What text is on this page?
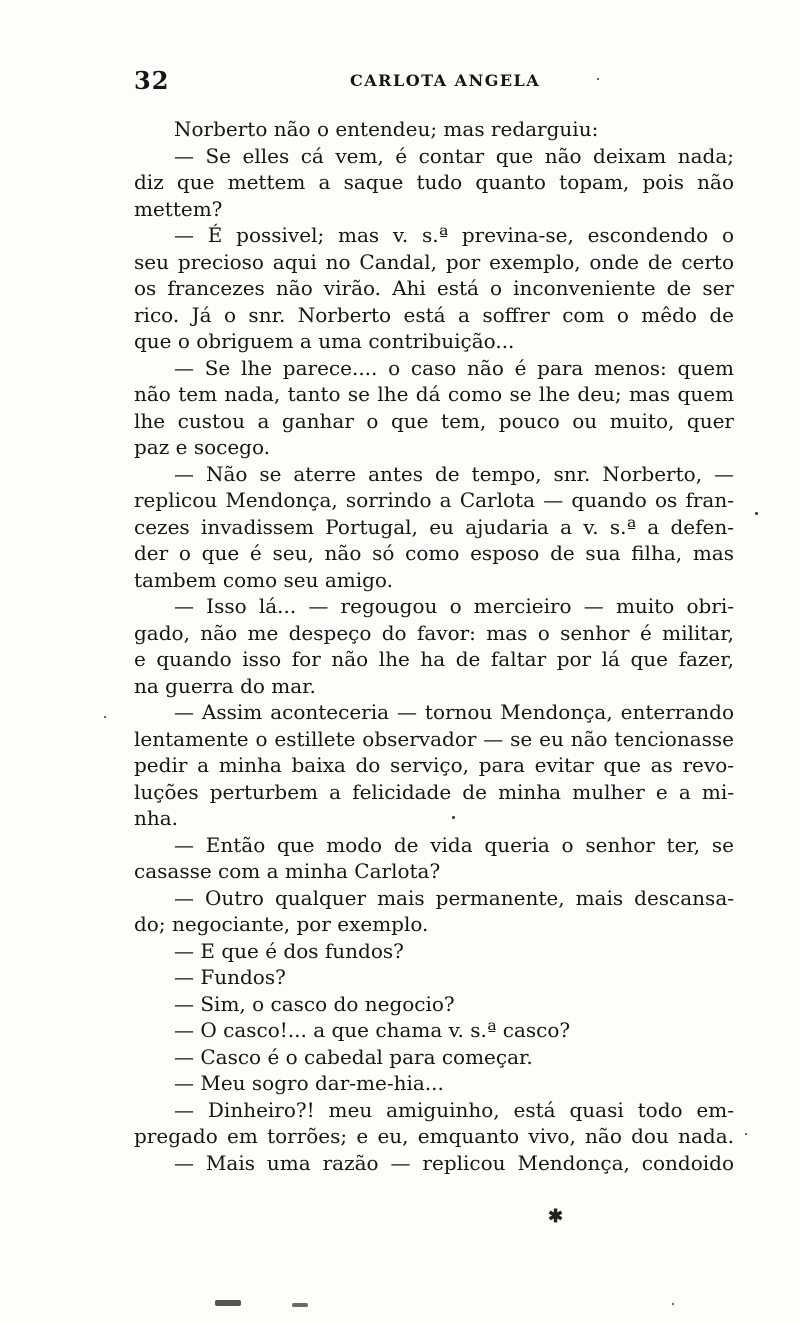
32	CARLOTA ANGELA
Norberto não o entendeu; mas redarguiu:
— Se elles cá vem, é contar que não deixam nada;
diz que mettem a saque tudo quanto topam, pois não
mettem?
— É possivel; mas v. s.ª previna-se, escondendo o
seu precioso aqui no Candal, por exemplo, onde de certo
os francezes não virão. Ahi está o inconveniente de ser
rico. Já o snr. Norberto está a soffrer com o mêdo de
que o obriguem a uma contribuição...
— Se lhe parece.... o caso não é para menos: quem
não tem nada, tanto se lhe dá como se lhe deu; mas quem
lhe custou a ganhar o que tem, pouco ou muito, quer
paz e socego.
— Não se aterre antes de tempo, snr. Norberto, —
replicou Mendonça, sorrindo a Carlota — quando os fran-
cezes invadissem Portugal, eu ajudaria a v. s.ª a defen-
der o que é seu, não só como esposo de sua filha, mas
tambem como seu amigo.
— Isso lá... — regougou o mercieiro — muito obri-
gado, não me despeço do favor: mas o senhor é militar,
e quando isso for não lhe ha de faltar por lá que fazer,
na guerra do mar.
— Assim aconteceria — tornou Mendonça, enterrando
lentamente o estillete observador — se eu não tencionasse
pedir a minha baixa do serviço, para evitar que as revo-
luções perturbem a felicidade de minha mulher e a mi-
nha.
— Então que modo de vida queria o senhor ter, se
casasse com a minha Carlota?
— Outro qualquer mais permanente, mais descansa-
do; negociante, por exemplo.
— E que é dos fundos?
— Fundos?
— Sim, o casco do negocio?
— O casco!... a que chama v. s.ª casco?
— Casco é o cabedal para começar.
— Meu sogro dar-me-hia...
— Dinheiro?! meu amiguinho, está quasi todo em-
pregado em torrões; e eu, emquanto vivo, não dou nada.
— Mais uma razão — replicou Mendonça, condoido
✱
